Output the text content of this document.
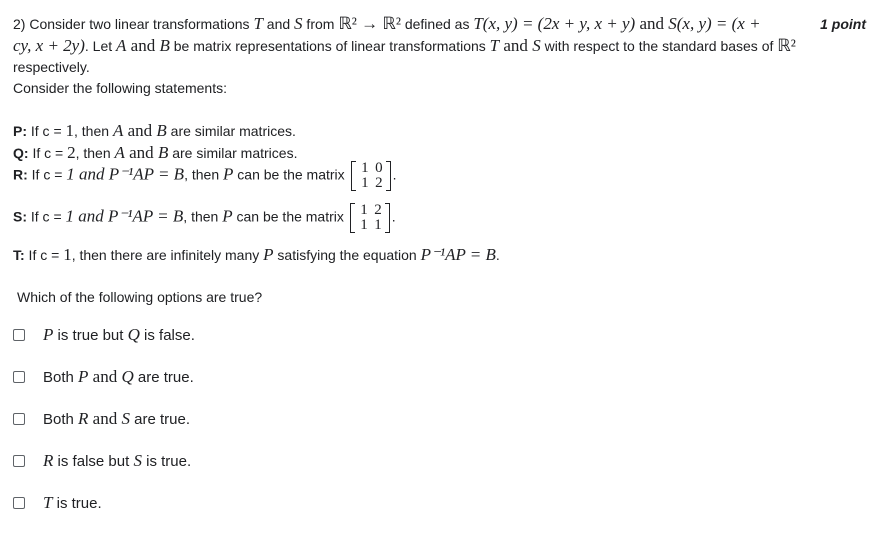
2) Consider two linear transformations T and S from ℝ² → ℝ² defined as T(x, y) = (2x + y, x + y) and S(x, y) = (x +	1 point
cy, x + 2y). Let A and B be matrix representations of linear transformations T and S with respect to the standard bases of ℝ²
respectively.
Consider the following statements:
P: If c = 1, then A and B are similar matrices.
Q: If c = 2, then A and B are similar matrices.
R: If c = 1 and P⁻¹AP = B, then P can be the matrix 1	0
1	2
.
S: If c = 1 and P⁻¹AP = B, then P can be the matrix 1	2
1	1
.
T: If c = 1, then there are infinitely many P satisfying the equation P⁻¹AP = B.
Which of the following options are true?
P is true but Q is false.
Both P and Q are true.
Both R and S are true.
R is false but S is true.
T is true.
